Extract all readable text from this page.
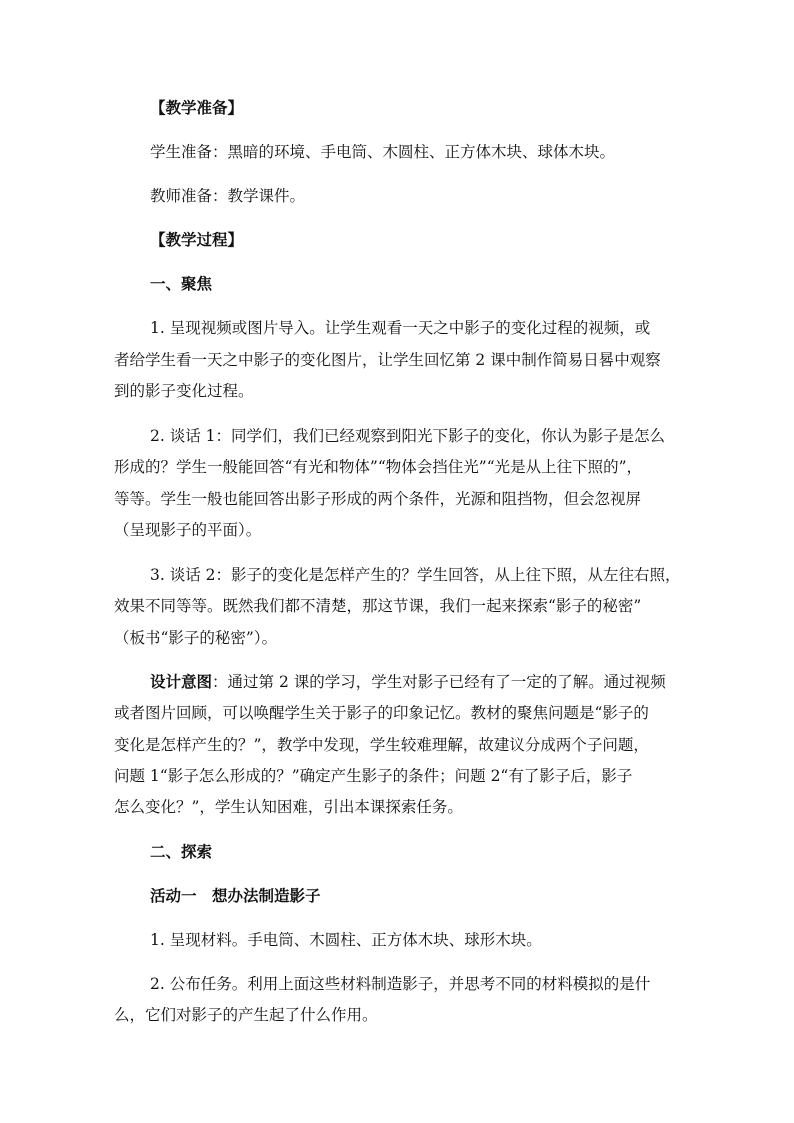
【教学准备】
学生准备：黑暗的环境、手电筒、木圆柱、正方体木块、球体木块。
教师准备：教学课件。
【教学过程】
一、聚焦
1. 呈现视频或图片导入。让学生观看一天之中影子的变化过程的视频，或
者给学生看一天之中影子的变化图片，让学生回忆第 2 课中制作简易日晷中观察
到的影子变化过程。
2. 谈话 1：同学们，我们已经观察到阳光下影子的变化，你认为影子是怎么
形成的？学生一般能回答“有光和物体”“物体会挡住光”“光是从上往下照的”，
等等。学生一般也能回答出影子形成的两个条件，光源和阻挡物，但会忽视屏
（呈现影子的平面）。
3. 谈话 2：影子的变化是怎样产生的？学生回答，从上往下照，从左往右照，
效果不同等等。既然我们都不清楚，那这节课，我们一起来探索“影子的秘密”
（板书“影子的秘密”）。
设计意图：通过第 2 课的学习，学生对影子已经有了一定的了解。通过视频
或者图片回顾，可以唤醒学生关于影子的印象记忆。教材的聚焦问题是“影子的
变化是怎样产生的？”，教学中发现，学生较难理解，故建议分成两个子问题，
问题 1“影子怎么形成的？”确定产生影子的条件；问题 2“有了影子后，影子
怎么变化？”，学生认知困难，引出本课探索任务。
二、探索
活动一　想办法制造影子
1. 呈现材料。手电筒、木圆柱、正方体木块、球形木块。
2. 公布任务。利用上面这些材料制造影子，并思考不同的材料模拟的是什
么，它们对影子的产生起了什么作用。
